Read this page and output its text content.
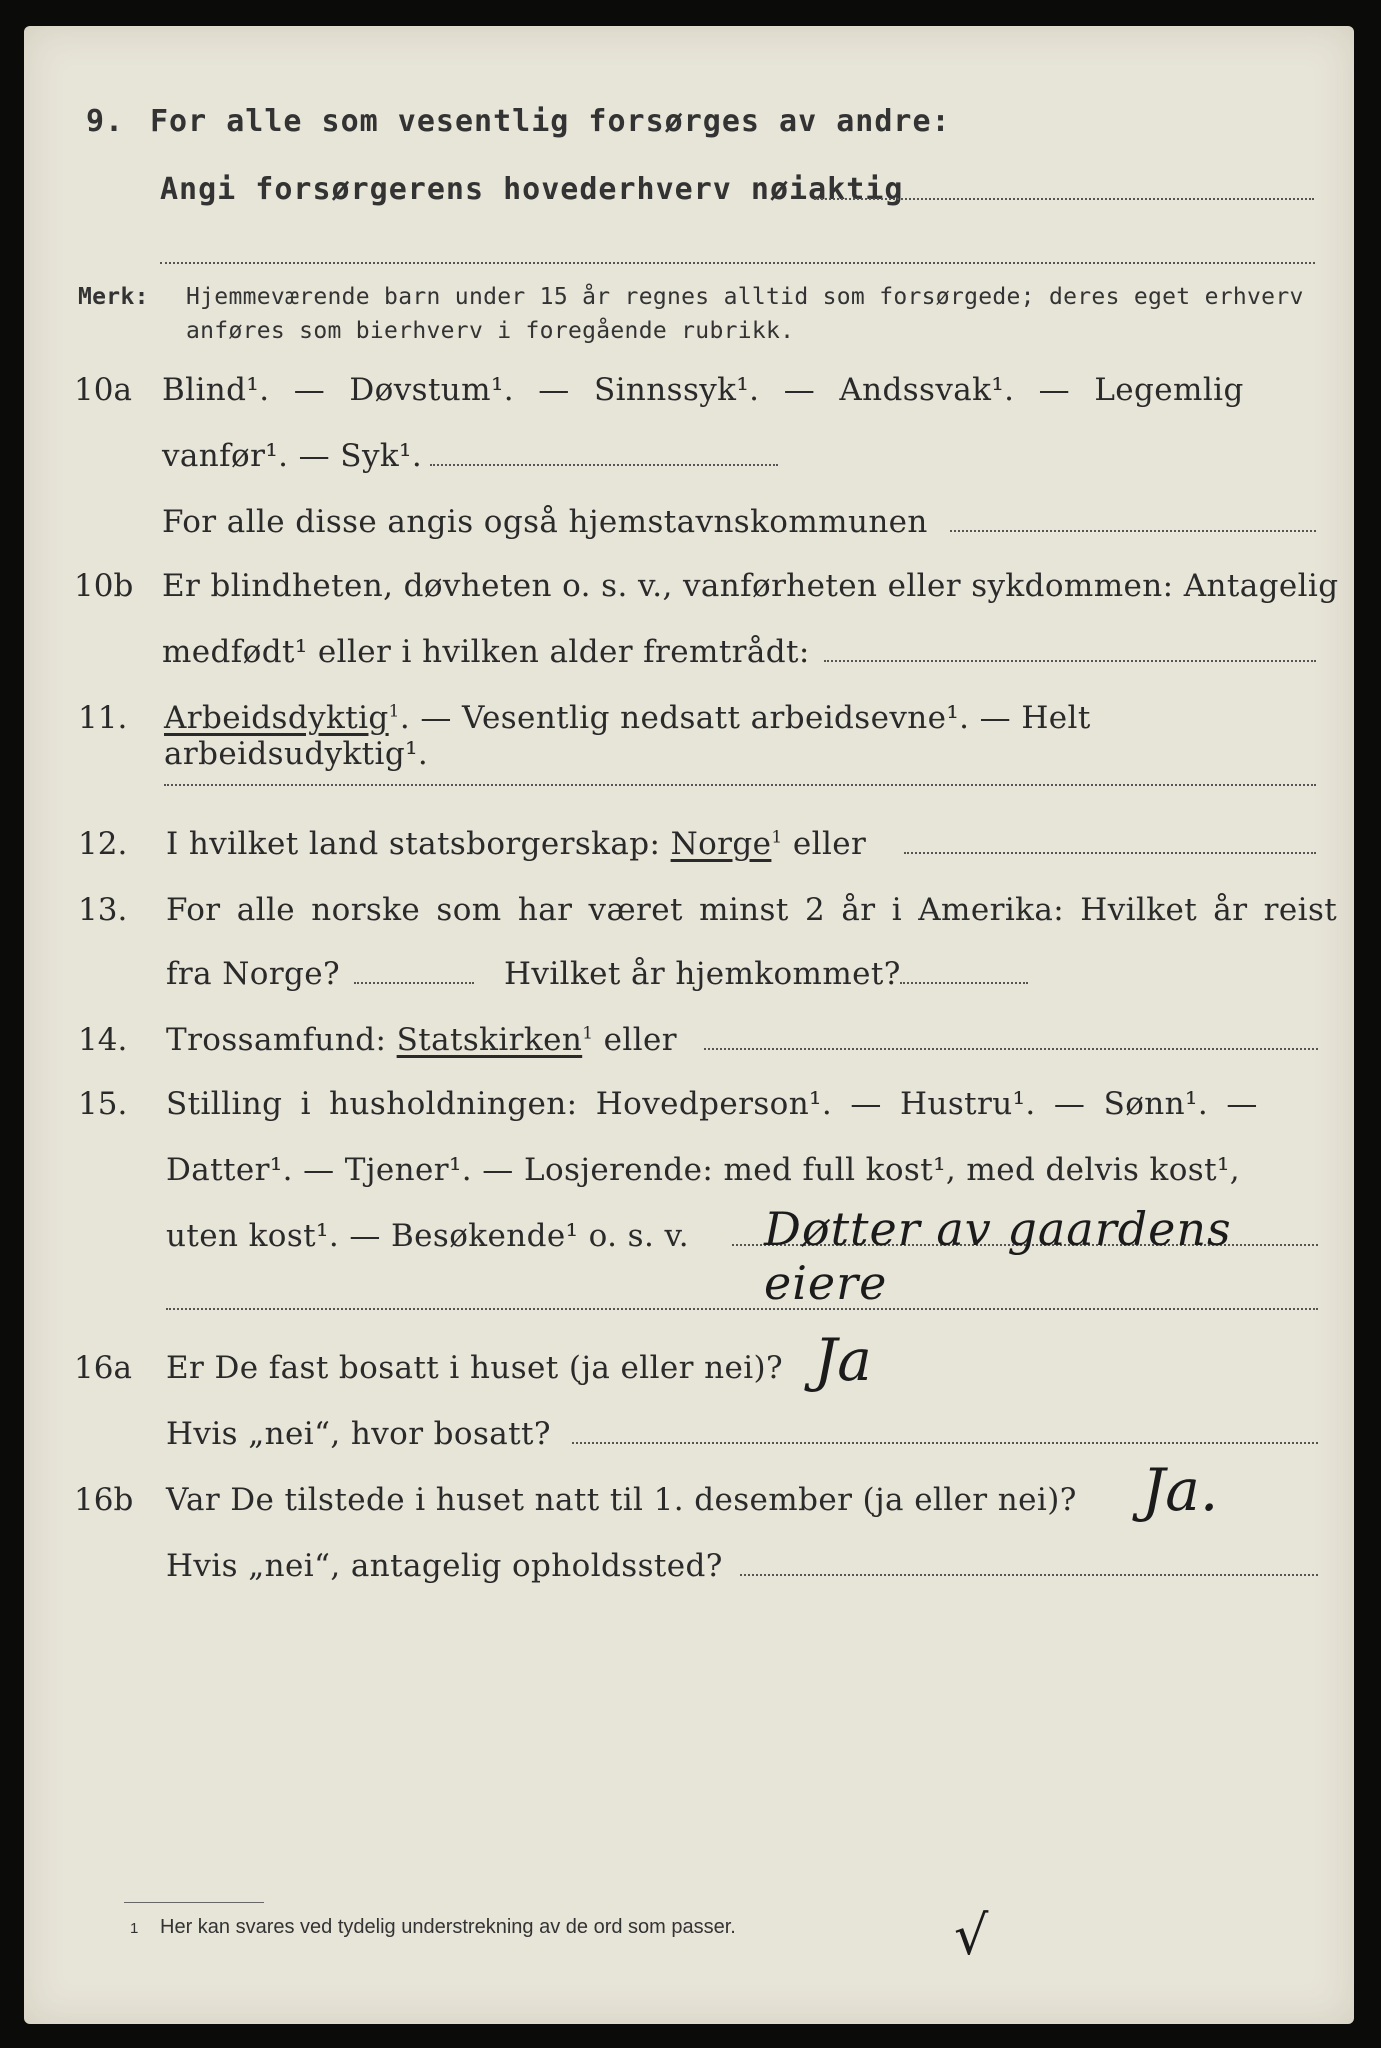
9. For alle som vesentlig forsørges av andre:
Angi forsørgerens hovederhverv nøiaktig
Merk: Hjemmeværende barn under 15 år regnes alltid som forsørgede; deres eget erhverv
anføres som bierhverv i foregående rubrikk.
10a Blind¹. — Døvstum¹. — Sinnssyk¹. — Andssvak¹. — Legemlig
vanfør¹. — Syk¹.
For alle disse angis også hjemstavnskommunen
10b Er blindheten, døvheten o. s. v., vanførheten eller sykdommen: Antagelig
medfødt¹ eller i hvilken alder fremtrådt:
11. Arbeidsdyktig$^1$. — Vesentlig nedsatt arbeidsevne¹. — Helt arbeidsudyktig¹.
12. I hvilket land statsborgerskap: Norge$^1$ eller
13. For alle norske som har været minst 2 år i Amerika: Hvilket år reist
fra Norge?	Hvilket år hjemkommet?
14. Trossamfund: Statskirken$^1$ eller
15. Stilling i husholdningen: Hovedperson¹. — Hustru¹. — Sønn¹. —
Datter¹. — Tjener¹. — Losjerende: med full kost¹, med delvis kost¹,
uten kost¹. — Besøkende¹ o. s. v. Døtter av gaardens eiere
16a Er De fast bosatt i huset (ja eller nei)? Ja
Hvis „nei“, hvor bosatt?
16b Var De tilstede i huset natt til 1. desember (ja eller nei)? Ja.
Hvis „nei“, antagelig opholdssted?
1 Her kan svares ved tydelig understrekning av de ord som passer.	√
